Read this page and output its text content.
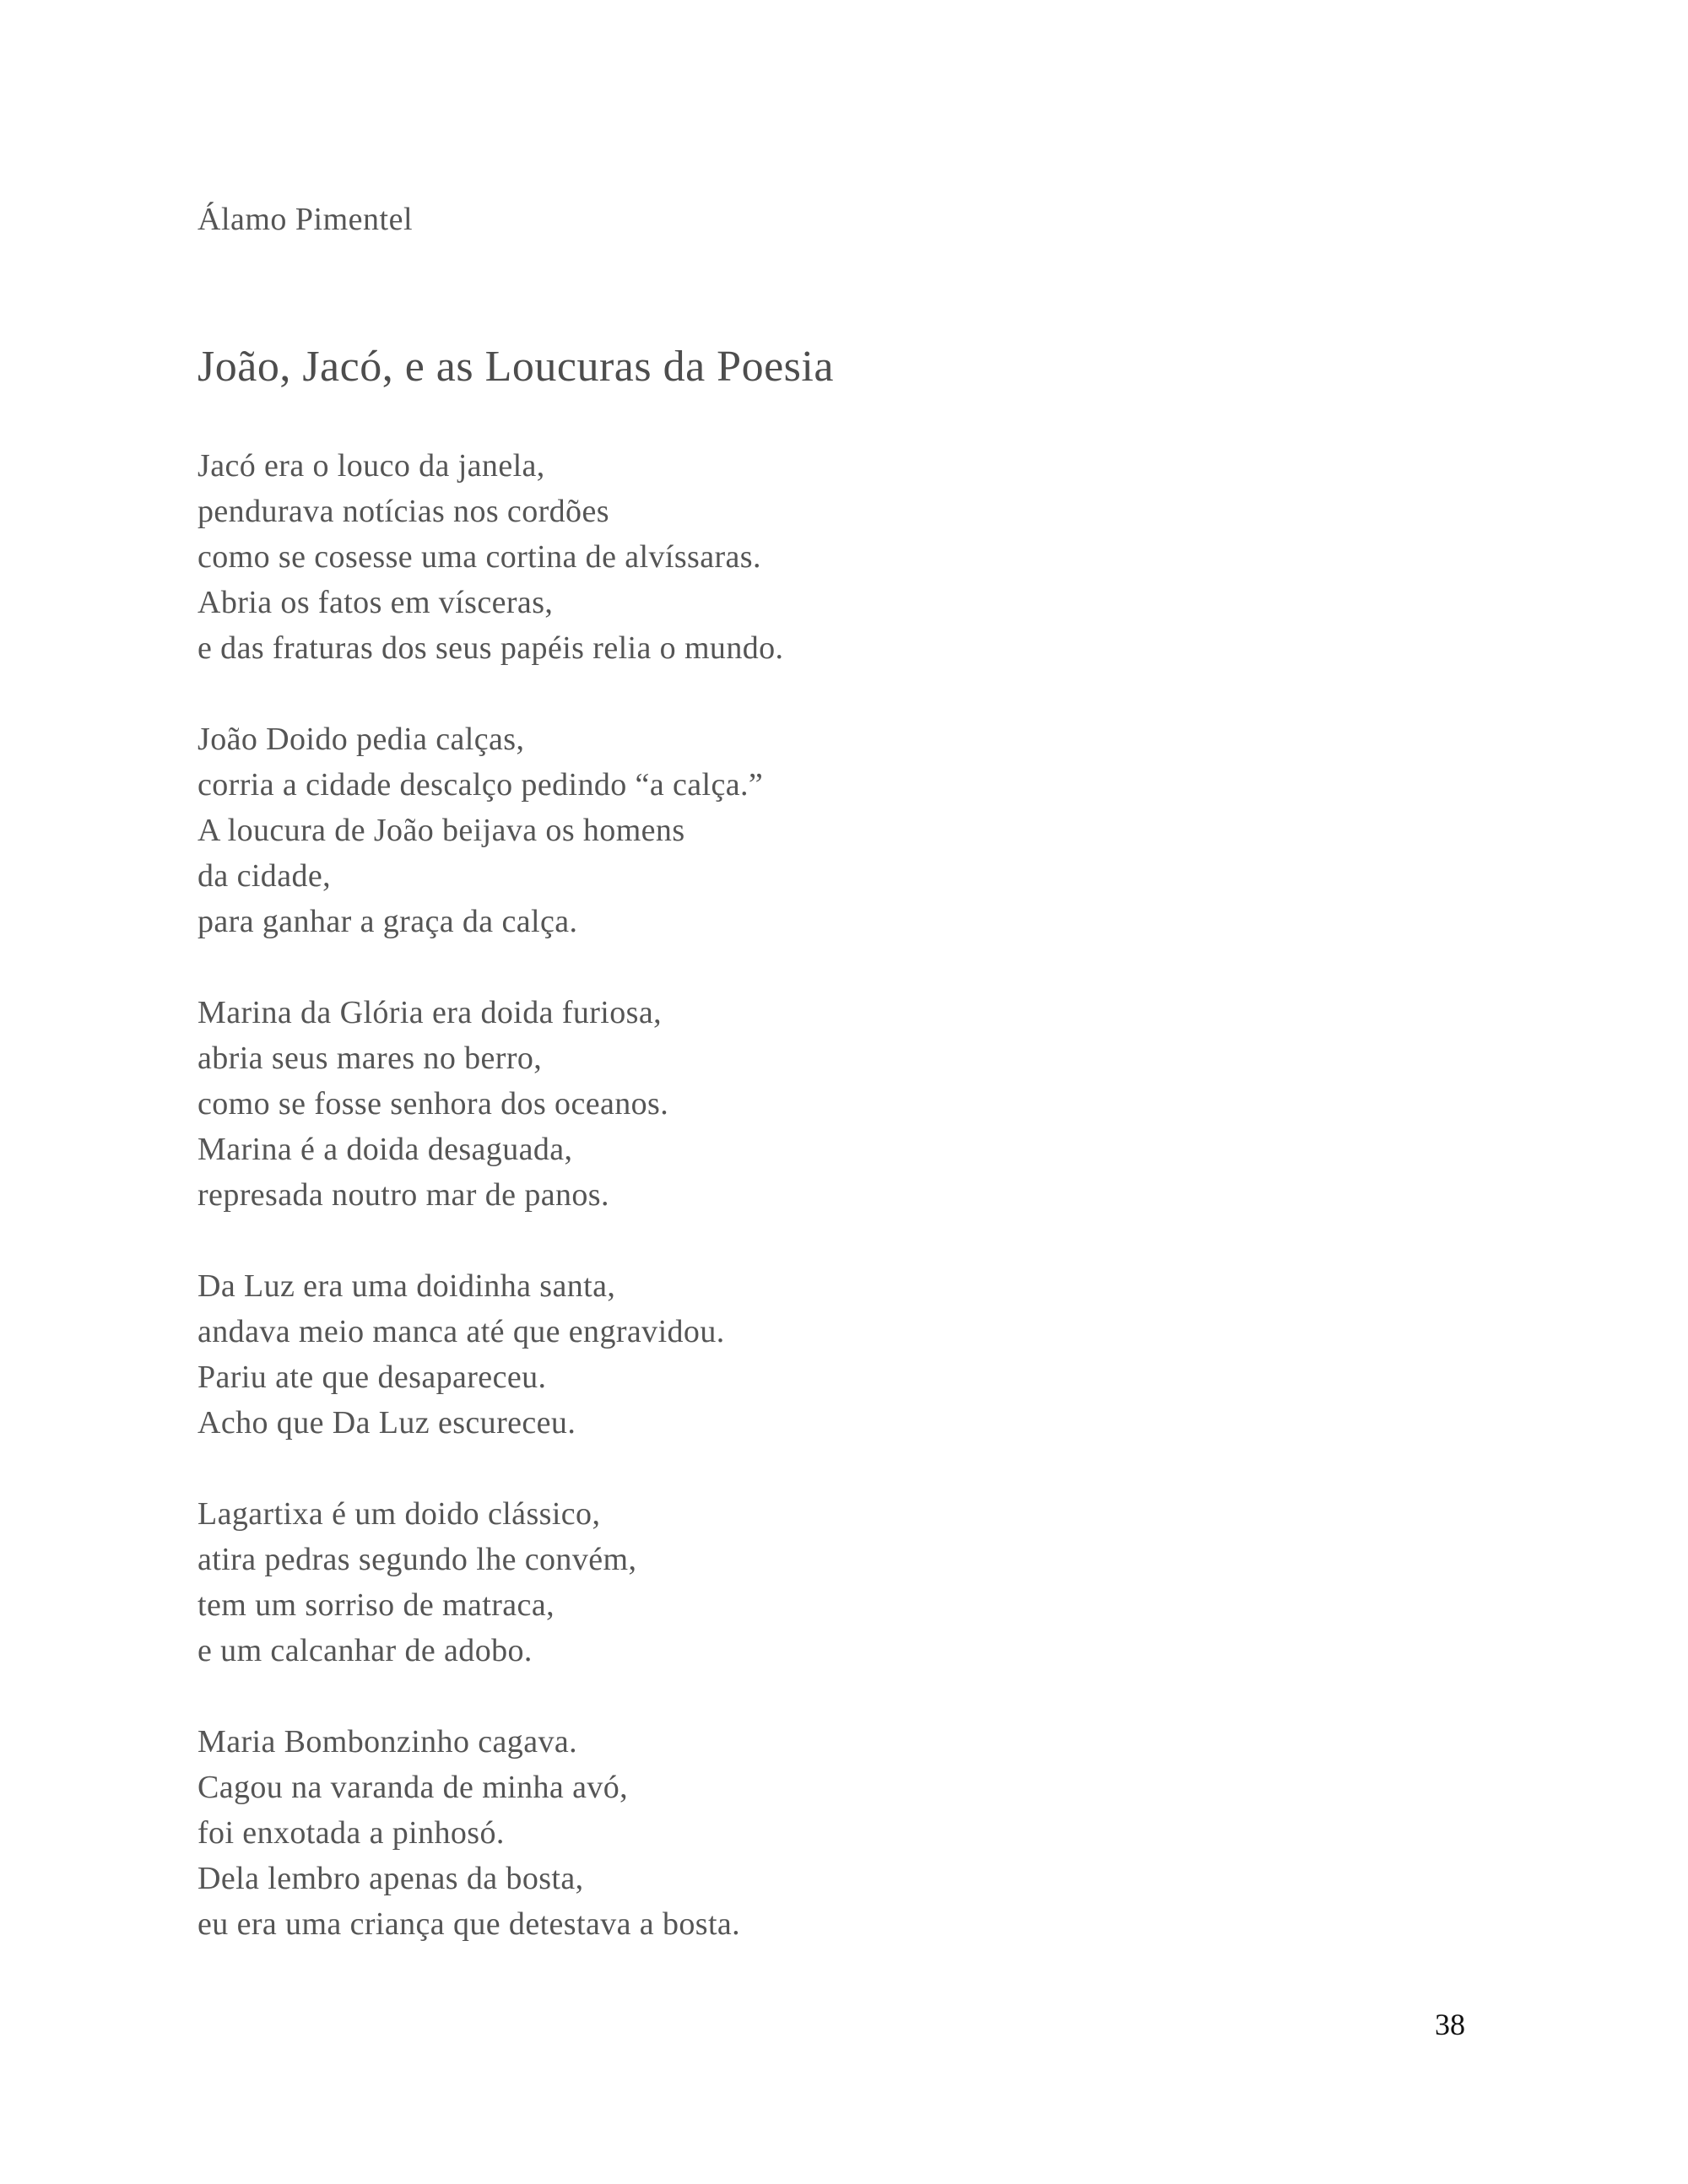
Álamo Pimentel
João, Jacó, e as Loucuras da Poesia
Jacó era o louco da janela,
pendurava notícias nos cordões
como se cosesse uma cortina de alvíssaras.
Abria os fatos em vísceras,
e das fraturas dos seus papéis relia o mundo.
João Doido pedia calças,
corria a cidade descalço pedindo “a calça.”
A loucura de João beijava os homens
da cidade,
para ganhar a graça da calça.
Marina da Glória era doida furiosa,
abria seus mares no berro,
como se fosse senhora dos oceanos.
Marina é a doida desaguada,
represada noutro mar de panos.
Da Luz era uma doidinha santa,
andava meio manca até que engravidou.
Pariu ate que desapareceu.
Acho que Da Luz escureceu.
Lagartixa é um doido clássico,
atira pedras segundo lhe convém,
tem um sorriso de matraca,
e um calcanhar de adobo.
Maria Bombonzinho cagava.
Cagou na varanda de minha avó,
foi enxotada a pinhosó.
Dela lembro apenas da bosta,
eu era uma criança que detestava a bosta.
38
